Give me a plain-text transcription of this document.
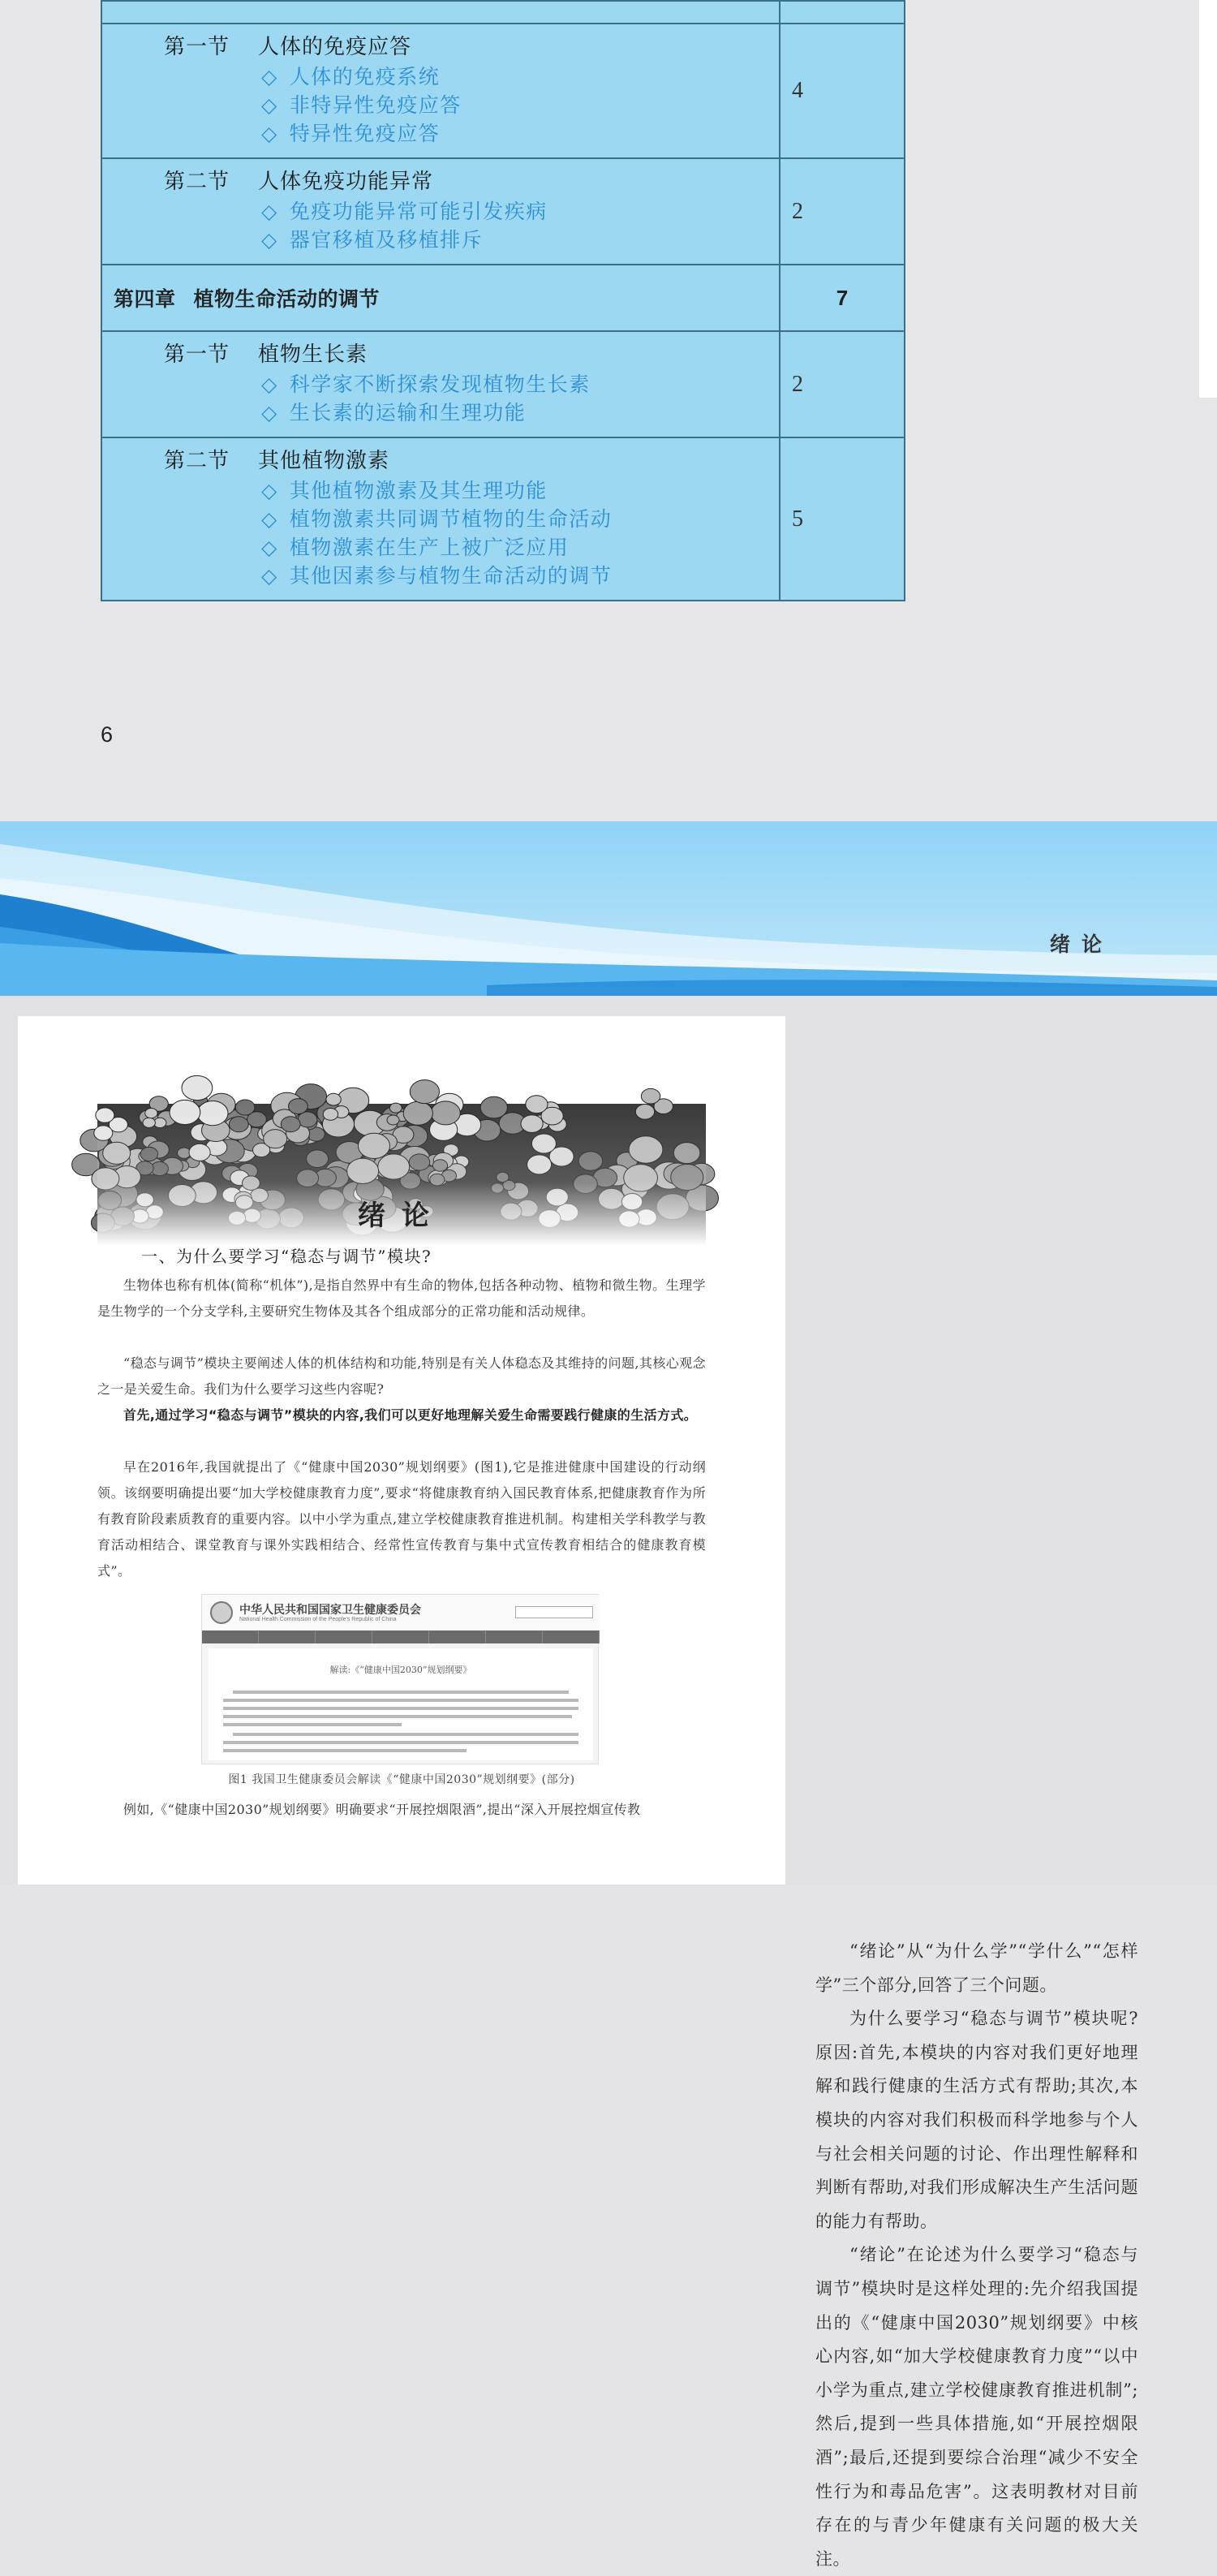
第一节 人体的免疫应答
◇ 人体的免疫系统
◇ 非特异性免疫应答
◇ 特异性免疫应答	4

第二节 人体免疫功能异常
◇ 免疫功能异常可能引发疾病
◇ 器官移植及移植排斥	2
第四章 植物生命活动的调节	7

第一节 植物生长素
◇ 科学家不断探索发现植物生长素
◇ 生长素的运输和生理功能	2

第二节 其他植物激素
◇ 其他植物激素及其生理功能
◇ 植物激素共同调节植物的生命活动
◇ 植物激素在生产上被广泛应用
◇ 其他因素参与植物生命活动的调节	5
6
绪论
绪论
一、为什么要学习“稳态与调节”模块?

生物体也称有机体(简称“机体”),是指自然界中有生命的物体,包括各种动物、植物和微生物。生理学是生物学的一个分支学科,主要研究生物体及其各个组成部分的正常功能和活动规律。

“稳态与调节”模块主要阐述人体的机体结构和功能,特别是有关人体稳态及其维持的问题,其核心观念之一是关爱生命。我们为什么要学习这些内容呢?

首先,通过学习“稳态与调节”模块的内容,我们可以更好地理解关爱生命需要践行健康的生活方式。

早在2016年,我国就提出了《“健康中国2030”规划纲要》(图1),它是推进健康中国建设的行动纲领。该纲要明确提出要“加大学校健康教育力度”,要求“将健康教育纳入国民教育体系,把健康教育作为所有教育阶段素质教育的重要内容。以中小学为重点,建立学校健康教育推进机制。构建相关学科教学与教育活动相结合、课堂教育与课外实践相结合、经常性宣传教育与集中式宣传教育相结合的健康教育模式”。

中华人民共和国国家卫生健康委员会
National Health Commission of the People's Republic of China
解读:《“健康中国2030”规划纲要》
图1 我国卫生健康委员会解读《“健康中国2030”规划纲要》(部分)

例如,《“健康中国2030”规划纲要》明确要求“开展控烟限酒”,提出“深入开展控烟宣传教

“绪论”从“为什么学”“学什么”“怎样学”三个部分,回答了三个问题。

为什么要学习“稳态与调节”模块呢?原因:首先,本模块的内容对我们更好地理解和践行健康的生活方式有帮助;其次,本模块的内容对我们积极而科学地参与个人与社会相关问题的讨论、作出理性解释和判断有帮助,对我们形成解决生产生活问题的能力有帮助。

“绪论”在论述为什么要学习“稳态与调节”模块时是这样处理的:先介绍我国提出的《“健康中国2030”规划纲要》中核心内容,如“加大学校健康教育力度”“以中小学为重点,建立学校健康教育推进机制”;然后,提到一些具体措施,如“开展控烟限酒”;最后,还提到要综合治理“减少不安全性行为和毒品危害”。这表明教材对目前存在的与青少年健康有关问题的极大关注。
